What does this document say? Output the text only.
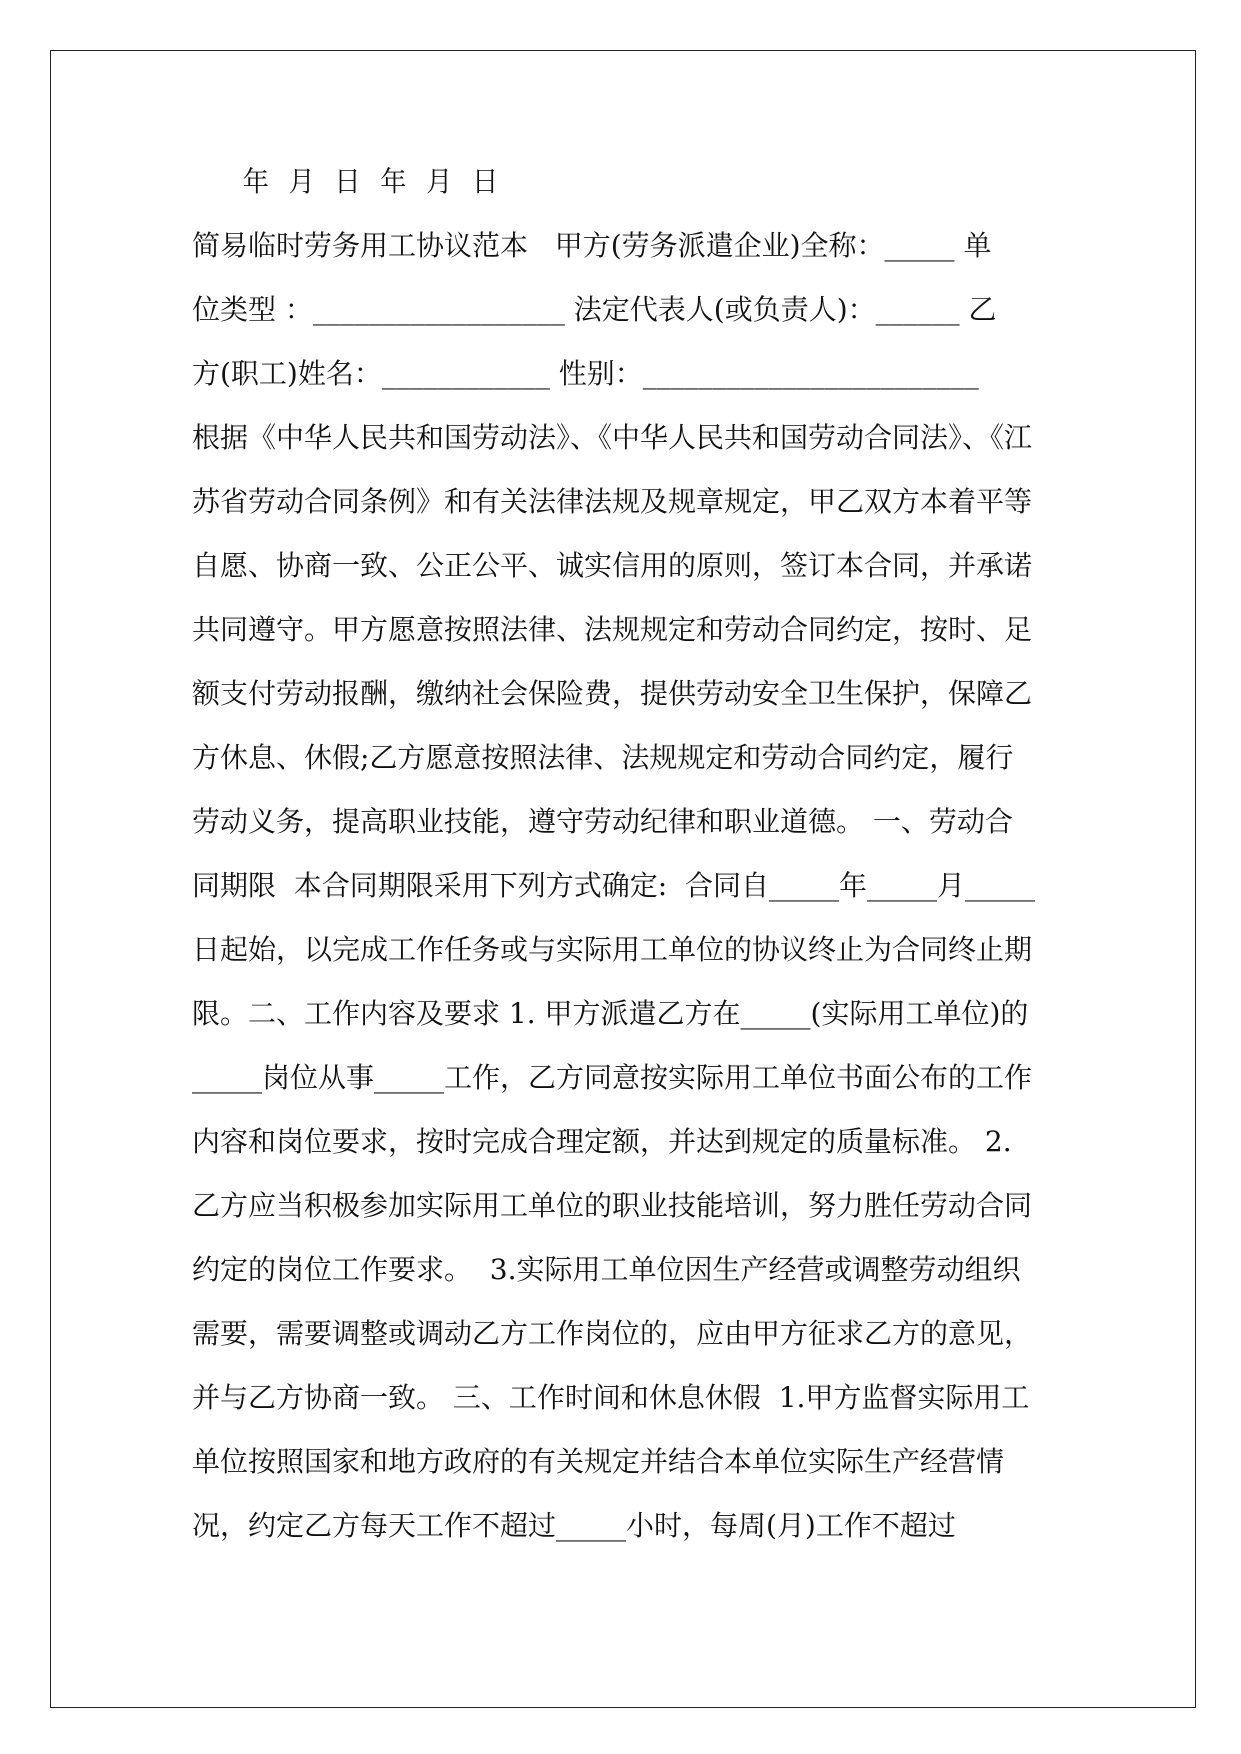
年 月 日 年 月 日
简易临时劳务用工协议范本   甲方(劳务派遣企业)全称：_____ 单
位类型 ：__________________ 法定代表人(或负责人)：______ 乙
方(职工)姓名：____________ 性别：________________________
根据《中华人民共和国劳动法》、《中华人民共和国劳动合同法》、《江
苏省劳动合同条例》和有关法律法规及规章规定，甲乙双方本着平等
自愿、协商一致、公正公平、诚实信用的原则，签订本合同，并承诺
共同遵守。甲方愿意按照法律、法规规定和劳动合同约定，按时、足
额支付劳动报酬，缴纳社会保险费，提供劳动安全卫生保护，保障乙
方休息、休假;乙方愿意按照法律、法规规定和劳动合同约定，履行
劳动义务，提高职业技能，遵守劳动纪律和职业道德。 一、劳动合
同期限  本合同期限采用下列方式确定:  合同自_____年_____月_____
日起始，以完成工作任务或与实际用工单位的协议终止为合同终止期
限。二、工作内容及要求 1. 甲方派遣乙方在_____(实际用工单位)的
_____岗位从事_____工作，乙方同意按实际用工单位书面公布的工作
内容和岗位要求，按时完成合理定额，并达到规定的质量标准。 2.
乙方应当积极参加实际用工单位的职业技能培训，努力胜任劳动合同
约定的岗位工作要求。  3.实际用工单位因生产经营或调整劳动组织
需要，需要调整或调动乙方工作岗位的，应由甲方征求乙方的意见，
并与乙方协商一致。 三、工作时间和休息休假  1.甲方监督实际用工
单位按照国家和地方政府的有关规定并结合本单位实际生产经营情
况，约定乙方每天工作不超过_____小时，每周(月)工作不超过
